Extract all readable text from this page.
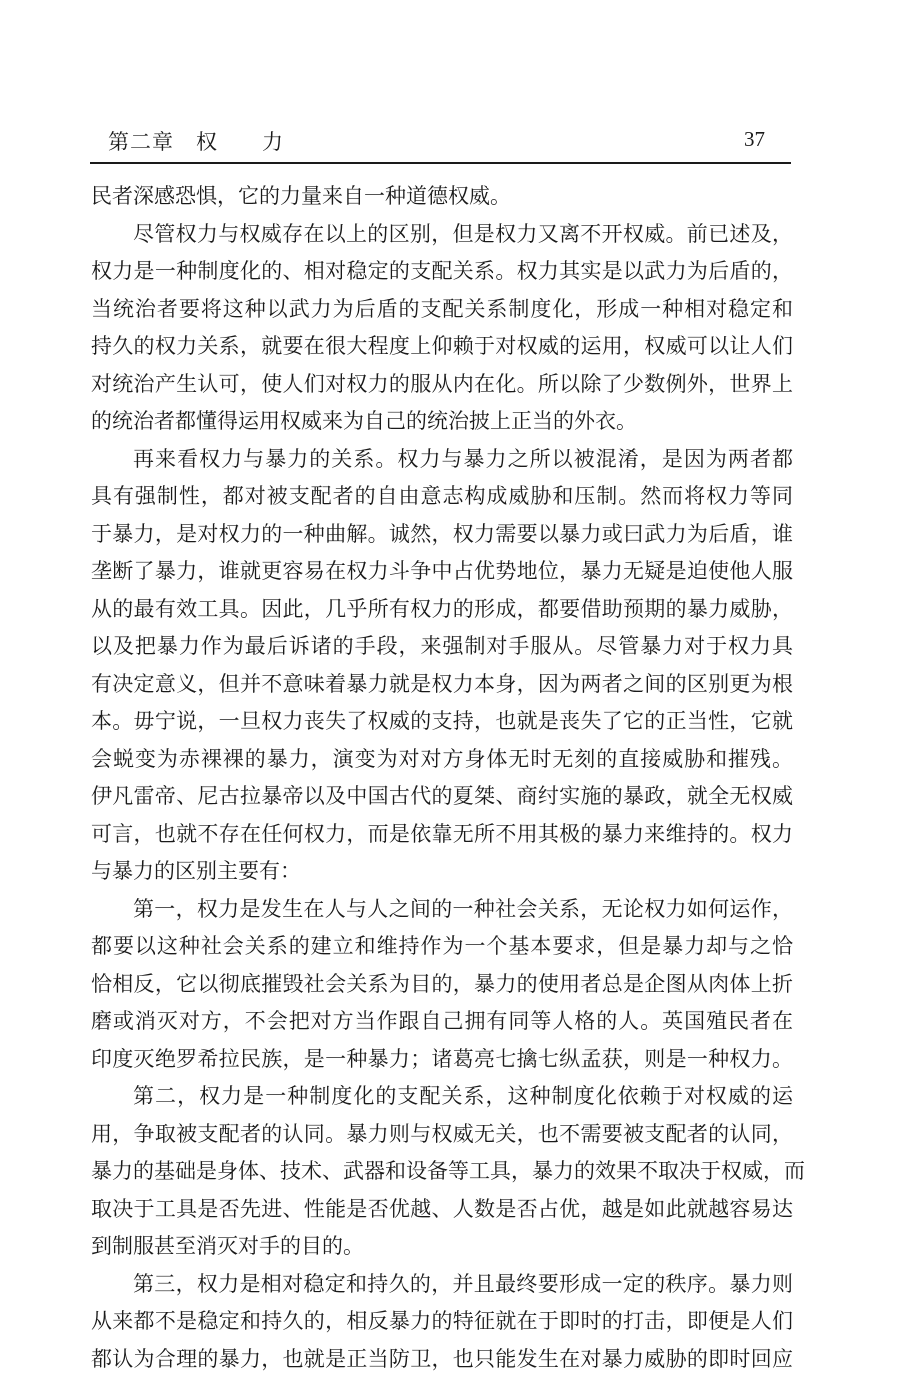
第二章　权　　力	37
民者深感恐惧，它的力量来自一种道德权威。
尽管权力与权威存在以上的区别，但是权力又离不开权威。前已述及，
权力是一种制度化的、相对稳定的支配关系。权力其实是以武力为后盾的，
当统治者要将这种以武力为后盾的支配关系制度化，形成一种相对稳定和
持久的权力关系，就要在很大程度上仰赖于对权威的运用，权威可以让人们
对统治产生认可，使人们对权力的服从内在化。所以除了少数例外，世界上
的统治者都懂得运用权威来为自己的统治披上正当的外衣。
再来看权力与暴力的关系。权力与暴力之所以被混淆，是因为两者都
具有强制性，都对被支配者的自由意志构成威胁和压制。然而将权力等同
于暴力，是对权力的一种曲解。诚然，权力需要以暴力或曰武力为后盾，谁
垄断了暴力，谁就更容易在权力斗争中占优势地位，暴力无疑是迫使他人服
从的最有效工具。因此，几乎所有权力的形成，都要借助预期的暴力威胁，
以及把暴力作为最后诉诸的手段，来强制对手服从。尽管暴力对于权力具
有决定意义，但并不意味着暴力就是权力本身，因为两者之间的区别更为根
本。毋宁说，一旦权力丧失了权威的支持，也就是丧失了它的正当性，它就
会蜕变为赤裸裸的暴力，演变为对对方身体无时无刻的直接威胁和摧残。
伊凡雷帝、尼古拉暴帝以及中国古代的夏桀、商纣实施的暴政，就全无权威
可言，也就不存在任何权力，而是依靠无所不用其极的暴力来维持的。权力
与暴力的区别主要有：
第一，权力是发生在人与人之间的一种社会关系，无论权力如何运作，
都要以这种社会关系的建立和维持作为一个基本要求，但是暴力却与之恰
恰相反，它以彻底摧毁社会关系为目的，暴力的使用者总是企图从肉体上折
磨或消灭对方，不会把对方当作跟自己拥有同等人格的人。英国殖民者在
印度灭绝罗希拉民族，是一种暴力；诸葛亮七擒七纵孟获，则是一种权力。
第二，权力是一种制度化的支配关系，这种制度化依赖于对权威的运
用，争取被支配者的认同。暴力则与权威无关，也不需要被支配者的认同，
暴力的基础是身体、技术、武器和设备等工具，暴力的效果不取决于权威，而
取决于工具是否先进、性能是否优越、人数是否占优，越是如此就越容易达
到制服甚至消灭对手的目的。
第三，权力是相对稳定和持久的，并且最终要形成一定的秩序。暴力则
从来都不是稳定和持久的，相反暴力的特征就在于即时的打击，即便是人们
都认为合理的暴力，也就是正当防卫，也只能发生在对暴力威胁的即时回应
